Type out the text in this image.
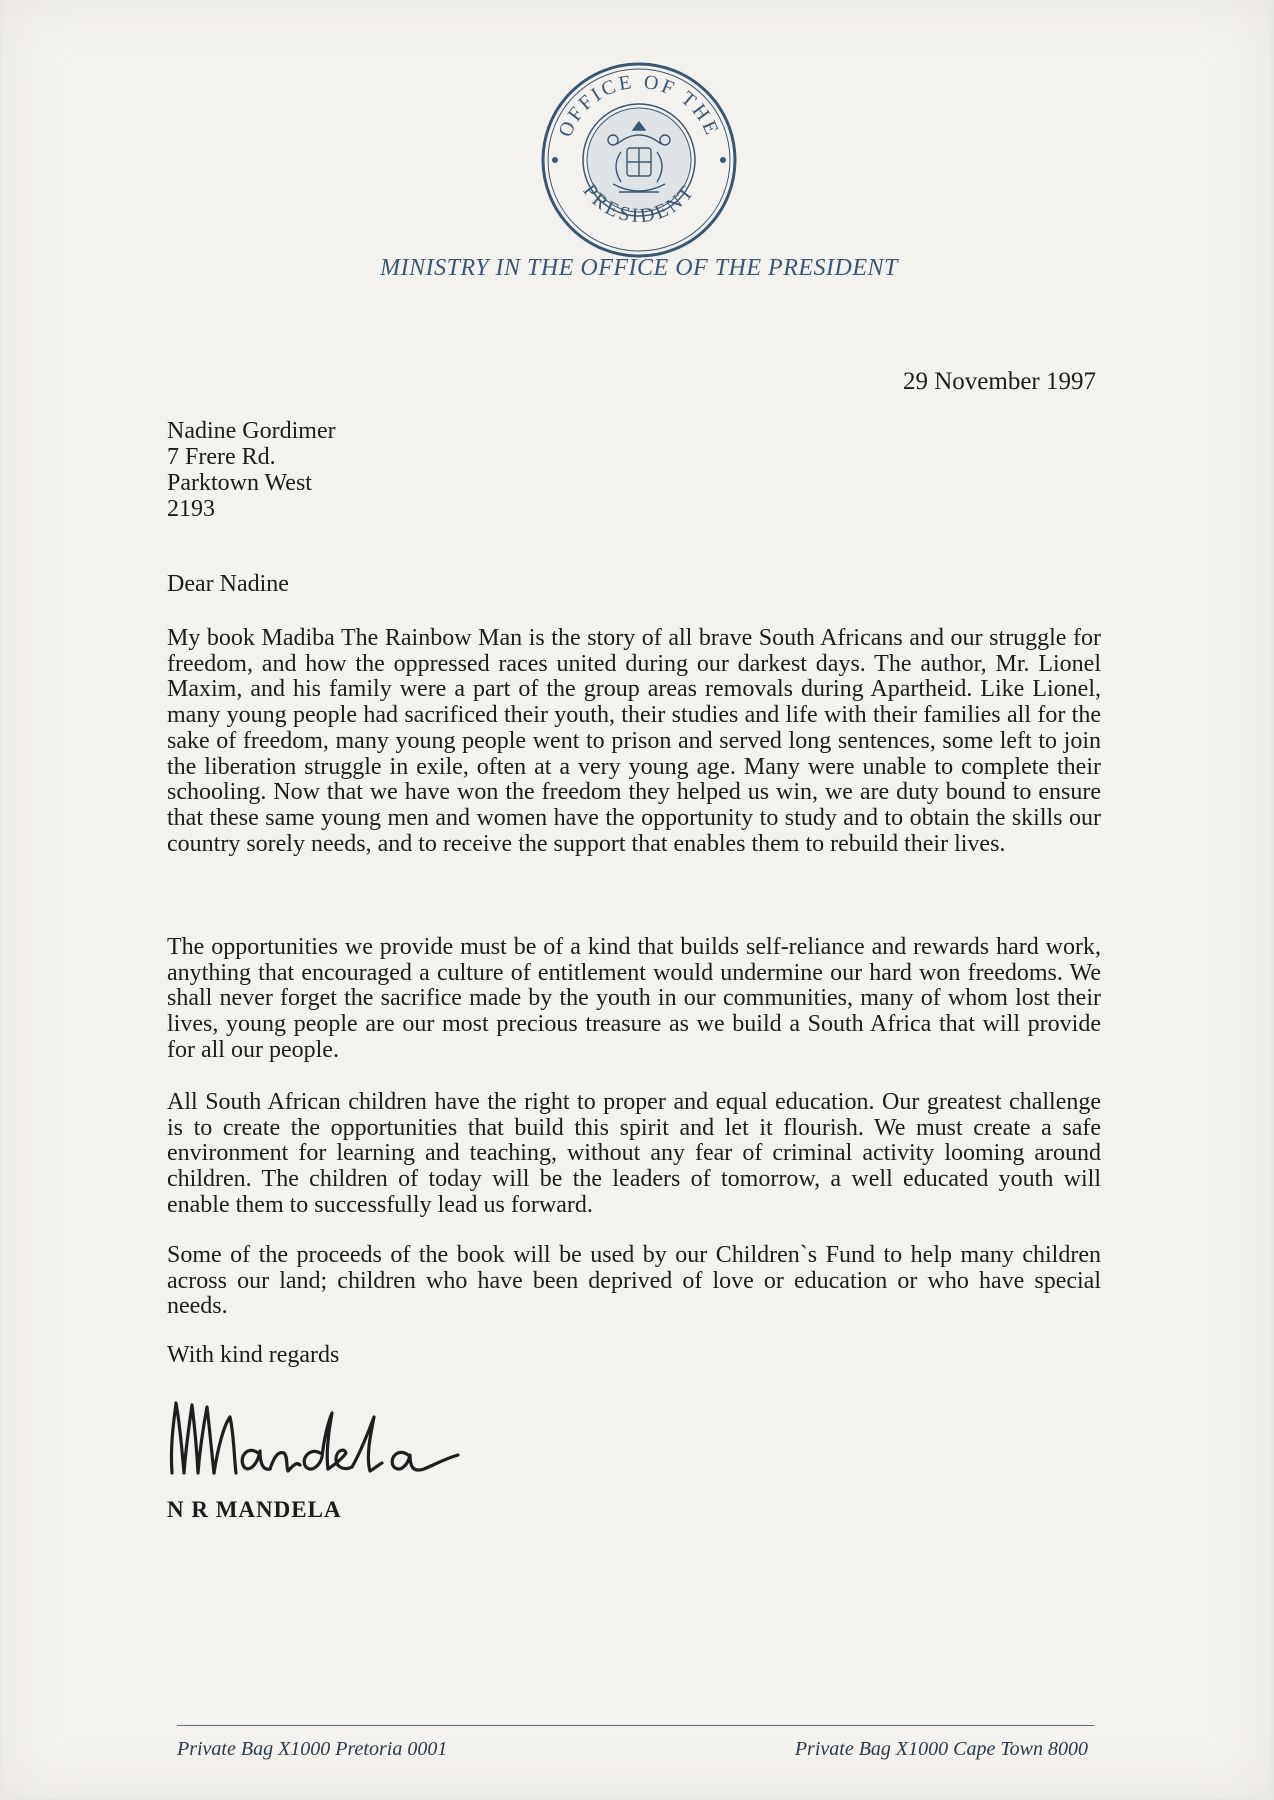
OFFICE OF THE
PRESIDENT
MINISTRY IN THE OFFICE OF THE PRESIDENT
29 November 1997
Nadine Gordimer
7 Frere Rd.
Parktown West
2193
Dear Nadine

My book Madiba The Rainbow Man is the story of all brave South Africans and our struggle for freedom, and how the oppressed races united during our darkest days. The author, Mr. Lionel Maxim, and his family were a part of the group areas removals during Apartheid. Like Lionel, many young people had sacrificed their youth, their studies and life with their families all for the sake of freedom, many young people went to prison and served long sentences, some left to join the liberation struggle in exile, often at a very young age. Many were unable to complete their schooling. Now that we have won the freedom they helped us win, we are duty bound to ensure that these same young men and women have the opportunity to study and to obtain the skills our country sorely needs, and to receive the support that enables them to rebuild their lives.

The opportunities we provide must be of a kind that builds self-reliance and rewards hard work, anything that encouraged a culture of entitlement would undermine our hard won freedoms. We shall never forget the sacrifice made by the youth in our communities, many of whom lost their lives, young people are our most precious treasure as we build a South Africa that will provide for all our people.

All South African children have the right to proper and equal education. Our greatest challenge is to create the opportunities that build this spirit and let it flourish. We must create a safe environment for learning and teaching, without any fear of criminal activity looming around children. The children of today will be the leaders of tomorrow, a well educated youth will enable them to successfully lead us forward.

Some of the proceeds of the book will be used by our Children`s Fund to help many children across our land; children who have been deprived of love or education or who have special needs.

With kind regards
N R MANDELA
Private Bag X1000 Pretoria 0001	Private Bag X1000 Cape Town 8000
